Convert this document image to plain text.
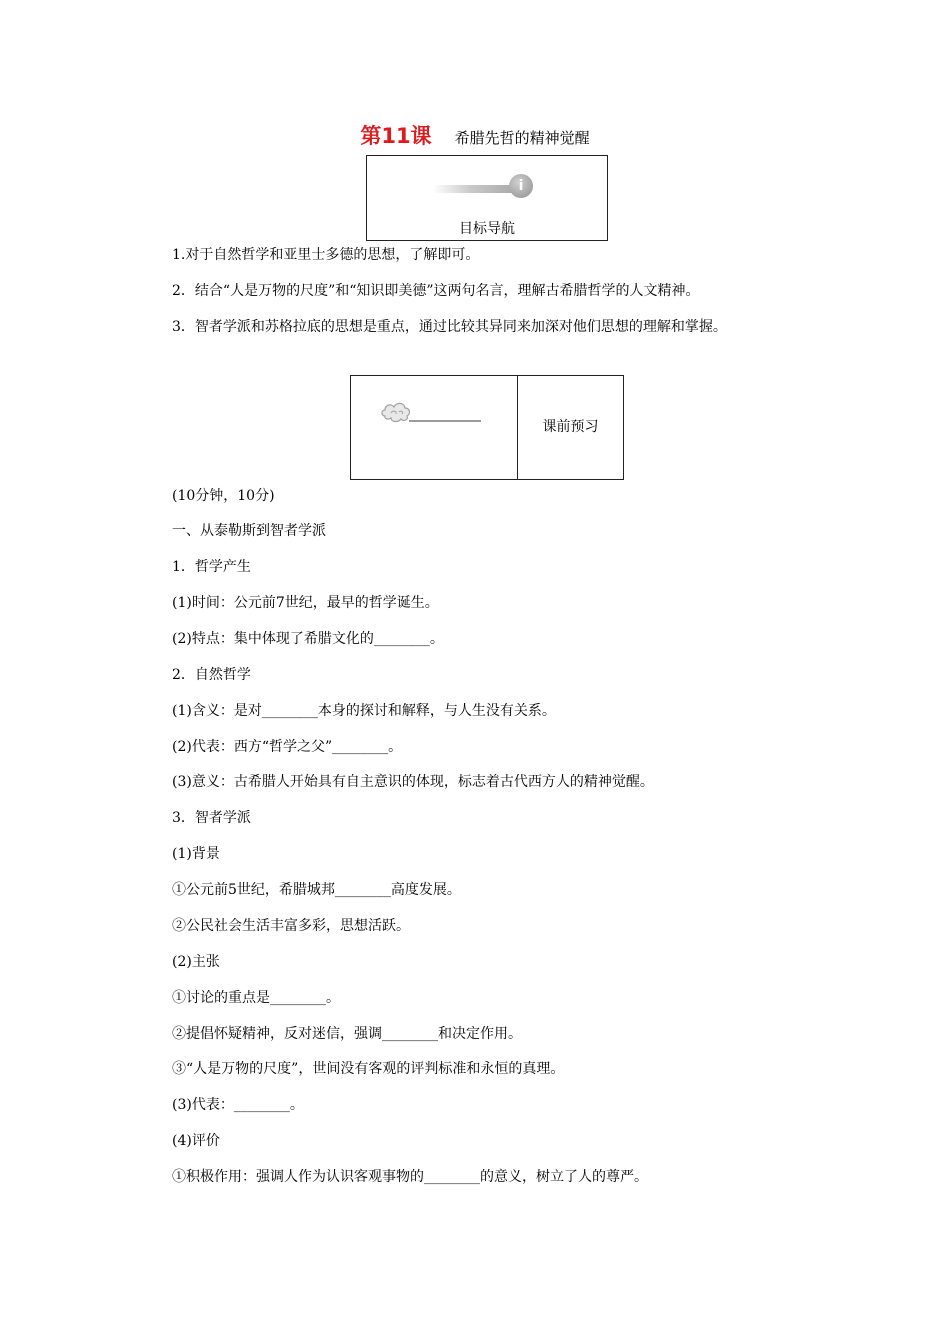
第11课 希腊先哲的精神觉醒
i
目标导航
1.对于自然哲学和亚里士多德的思想，了解即可。
2．结合“人是万物的尺度”和“知识即美德”这两句名言，理解古希腊哲学的人文精神。
3．智者学派和苏格拉底的思想是重点，通过比较其异同来加深对他们思想的理解和掌握。
课前预习
(10分钟，10分)
一、从泰勒斯到智者学派
1．哲学产生
(1)时间：公元前7世纪，最早的哲学诞生。
(2)特点：集中体现了希腊文化的________。
2．自然哲学
(1)含义：是对________本身的探讨和解释，与人生没有关系。
(2)代表：西方“哲学之父”________。
(3)意义：古希腊人开始具有自主意识的体现，标志着古代西方人的精神觉醒。
3．智者学派
(1)背景
①公元前5世纪，希腊城邦________高度发展。
②公民社会生活丰富多彩，思想活跃。
(2)主张
①讨论的重点是________。
②提倡怀疑精神，反对迷信，强调________和决定作用。
③“人是万物的尺度”，世间没有客观的评判标准和永恒的真理。
(3)代表：________。
(4)评价
①积极作用：强调人作为认识客观事物的________的意义，树立了人的尊严。
